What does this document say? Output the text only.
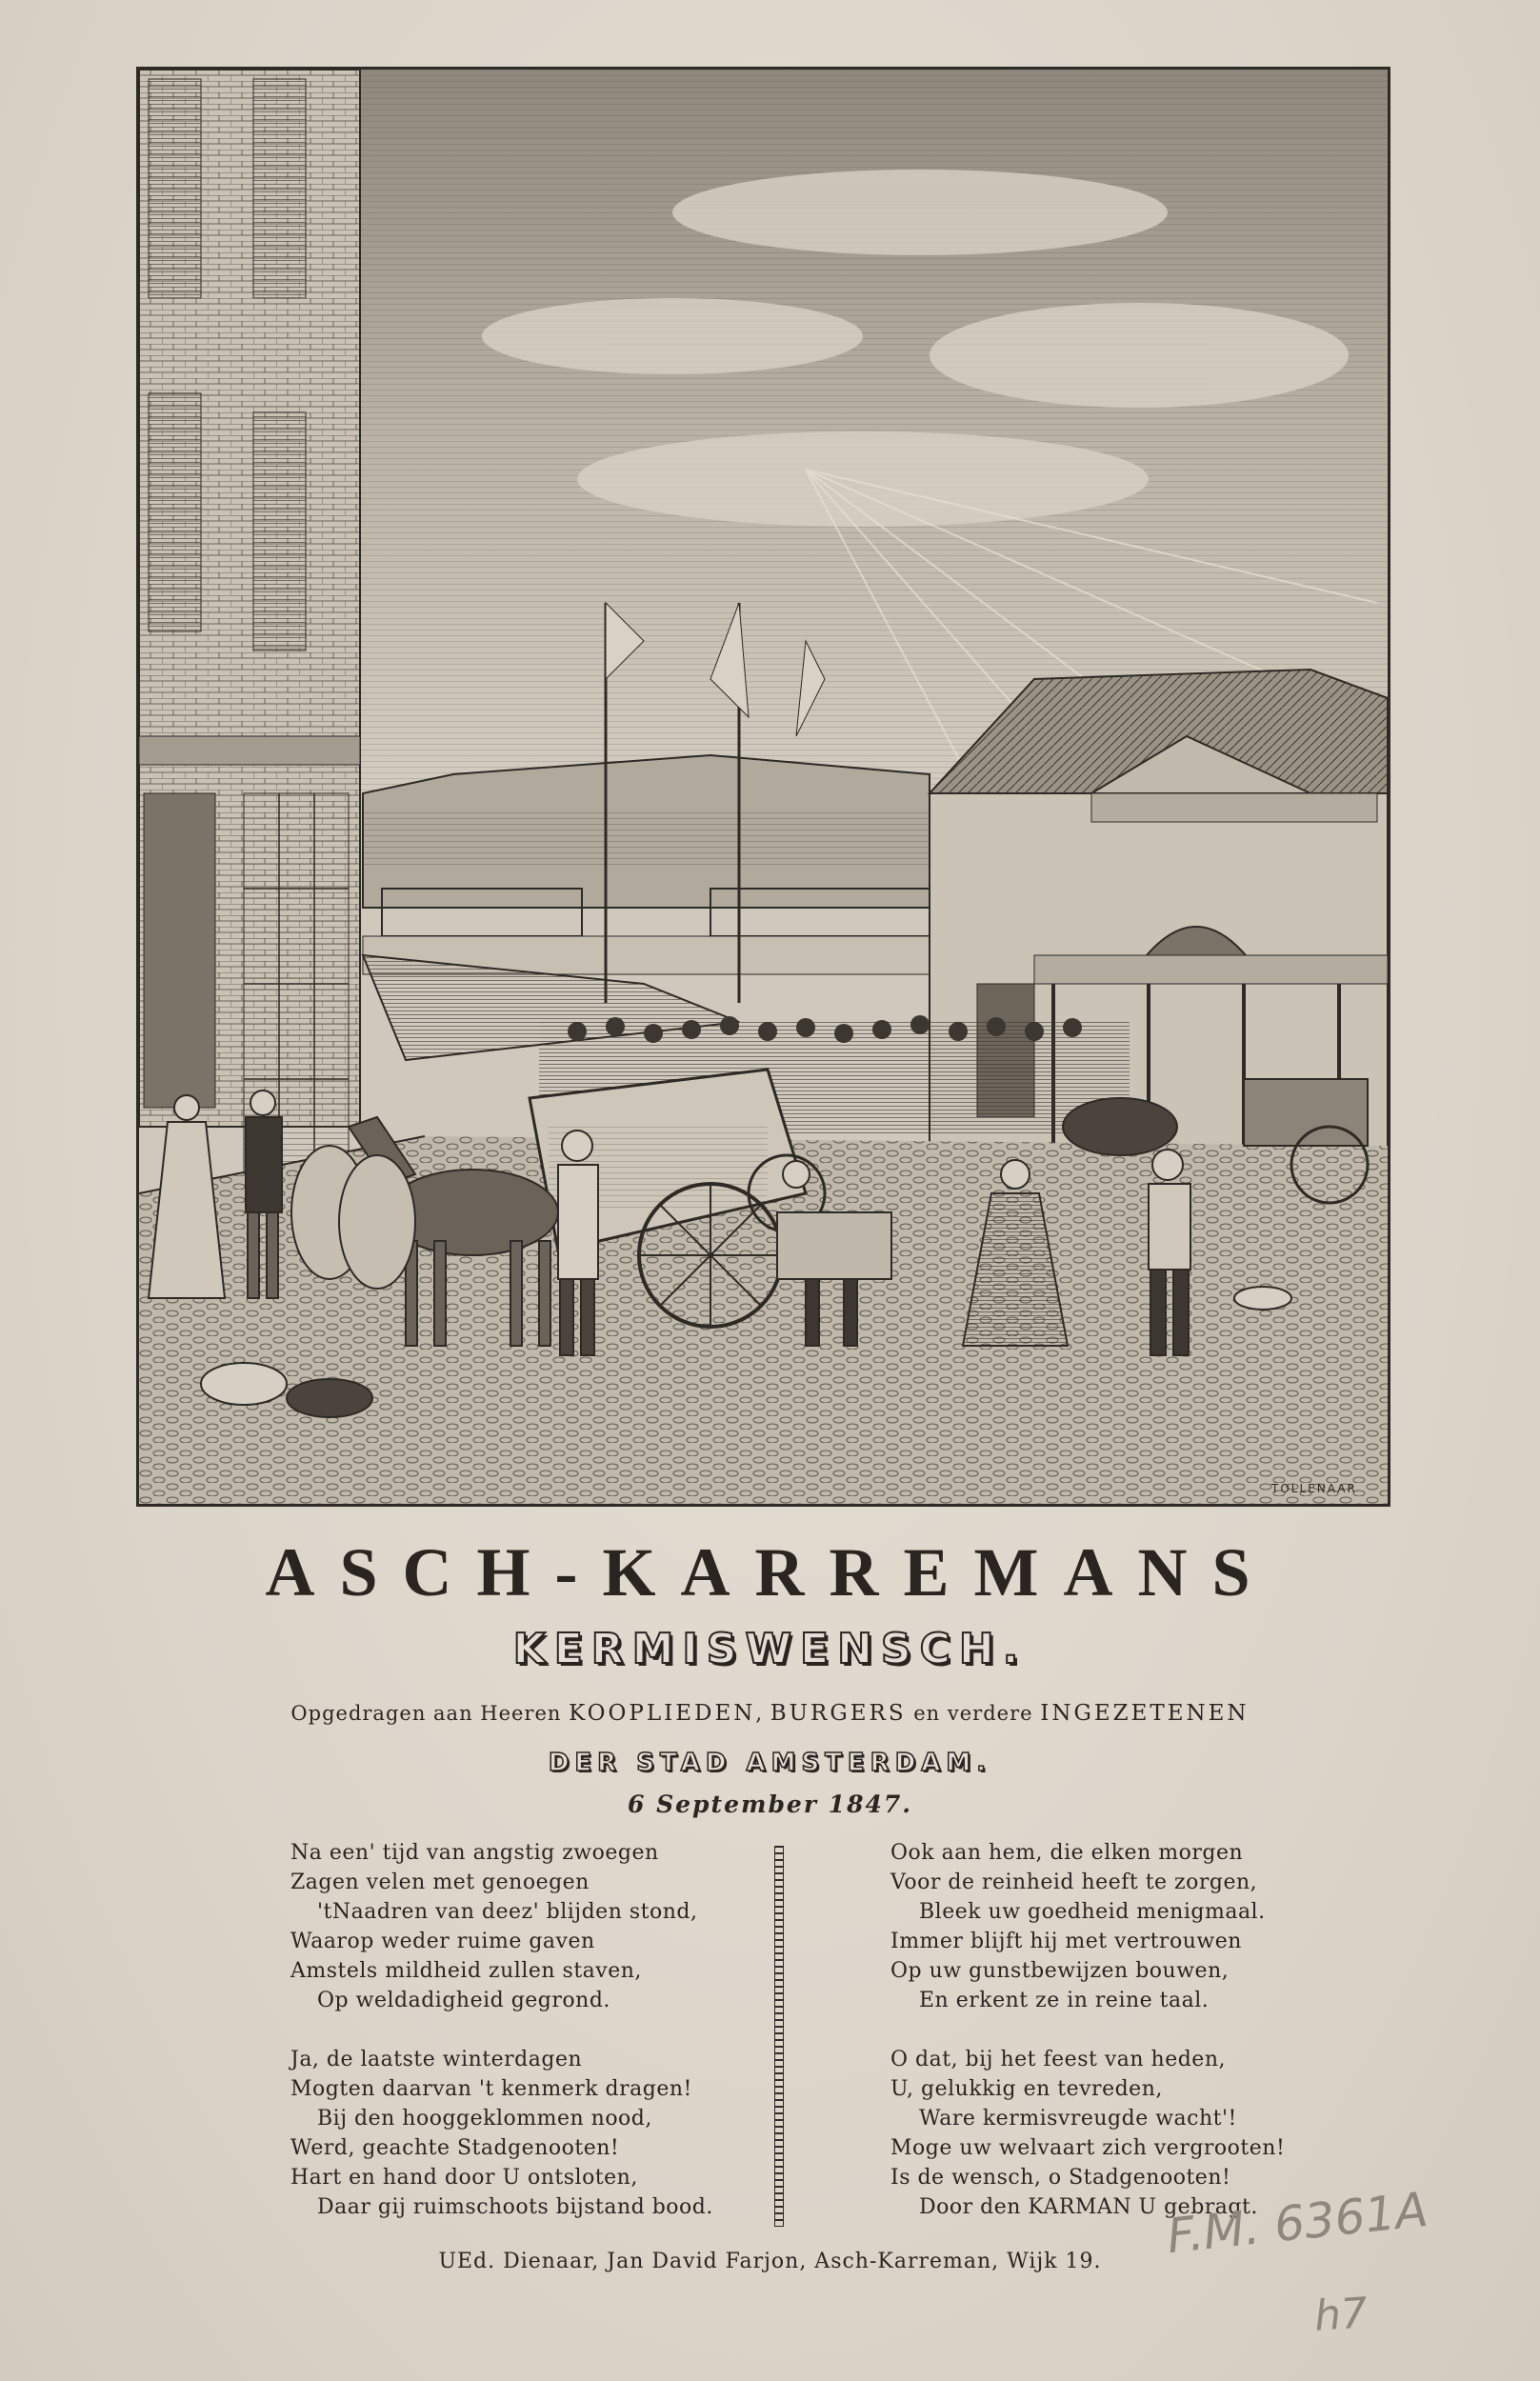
TOLLENAAR
ASCH-KARREMANS
KERMISWENSCH.
Opgedragen aan Heeren KOOPLIEDEN, BURGERS en verdere INGEZETENEN
DER STAD AMSTERDAM.
6 September 1847.
Na een' tijd van angstig zwoegen
Zagen velen met genoegen
'tNaadren van deez' blijden stond,
Waarop weder ruime gaven
Amstels mildheid zullen staven,
Op weldadigheid gegrond.
Ja, de laatste winterdagen
Mogten daarvan 't kenmerk dragen!
Bij den hooggeklommen nood,
Werd, geachte Stadgenooten!
Hart en hand door U ontsloten,
Daar gij ruimschoots bijstand bood.
Ook aan hem, die elken morgen
Voor de reinheid heeft te zorgen,
Bleek uw goedheid menigmaal.
Immer blijft hij met vertrouwen
Op uw gunstbewijzen bouwen,
En erkent ze in reine taal.
O dat, bij het feest van heden,
U, gelukkig en tevreden,
Ware kermisvreugde wacht'!
Moge uw welvaart zich vergrooten!
Is de wensch, o Stadgenooten!
Door den KARMAN U gebragt.
UEd. Dienaar, Jan David Farjon, Asch-Karreman, Wijk 19.	F.M. 6361A
h7
